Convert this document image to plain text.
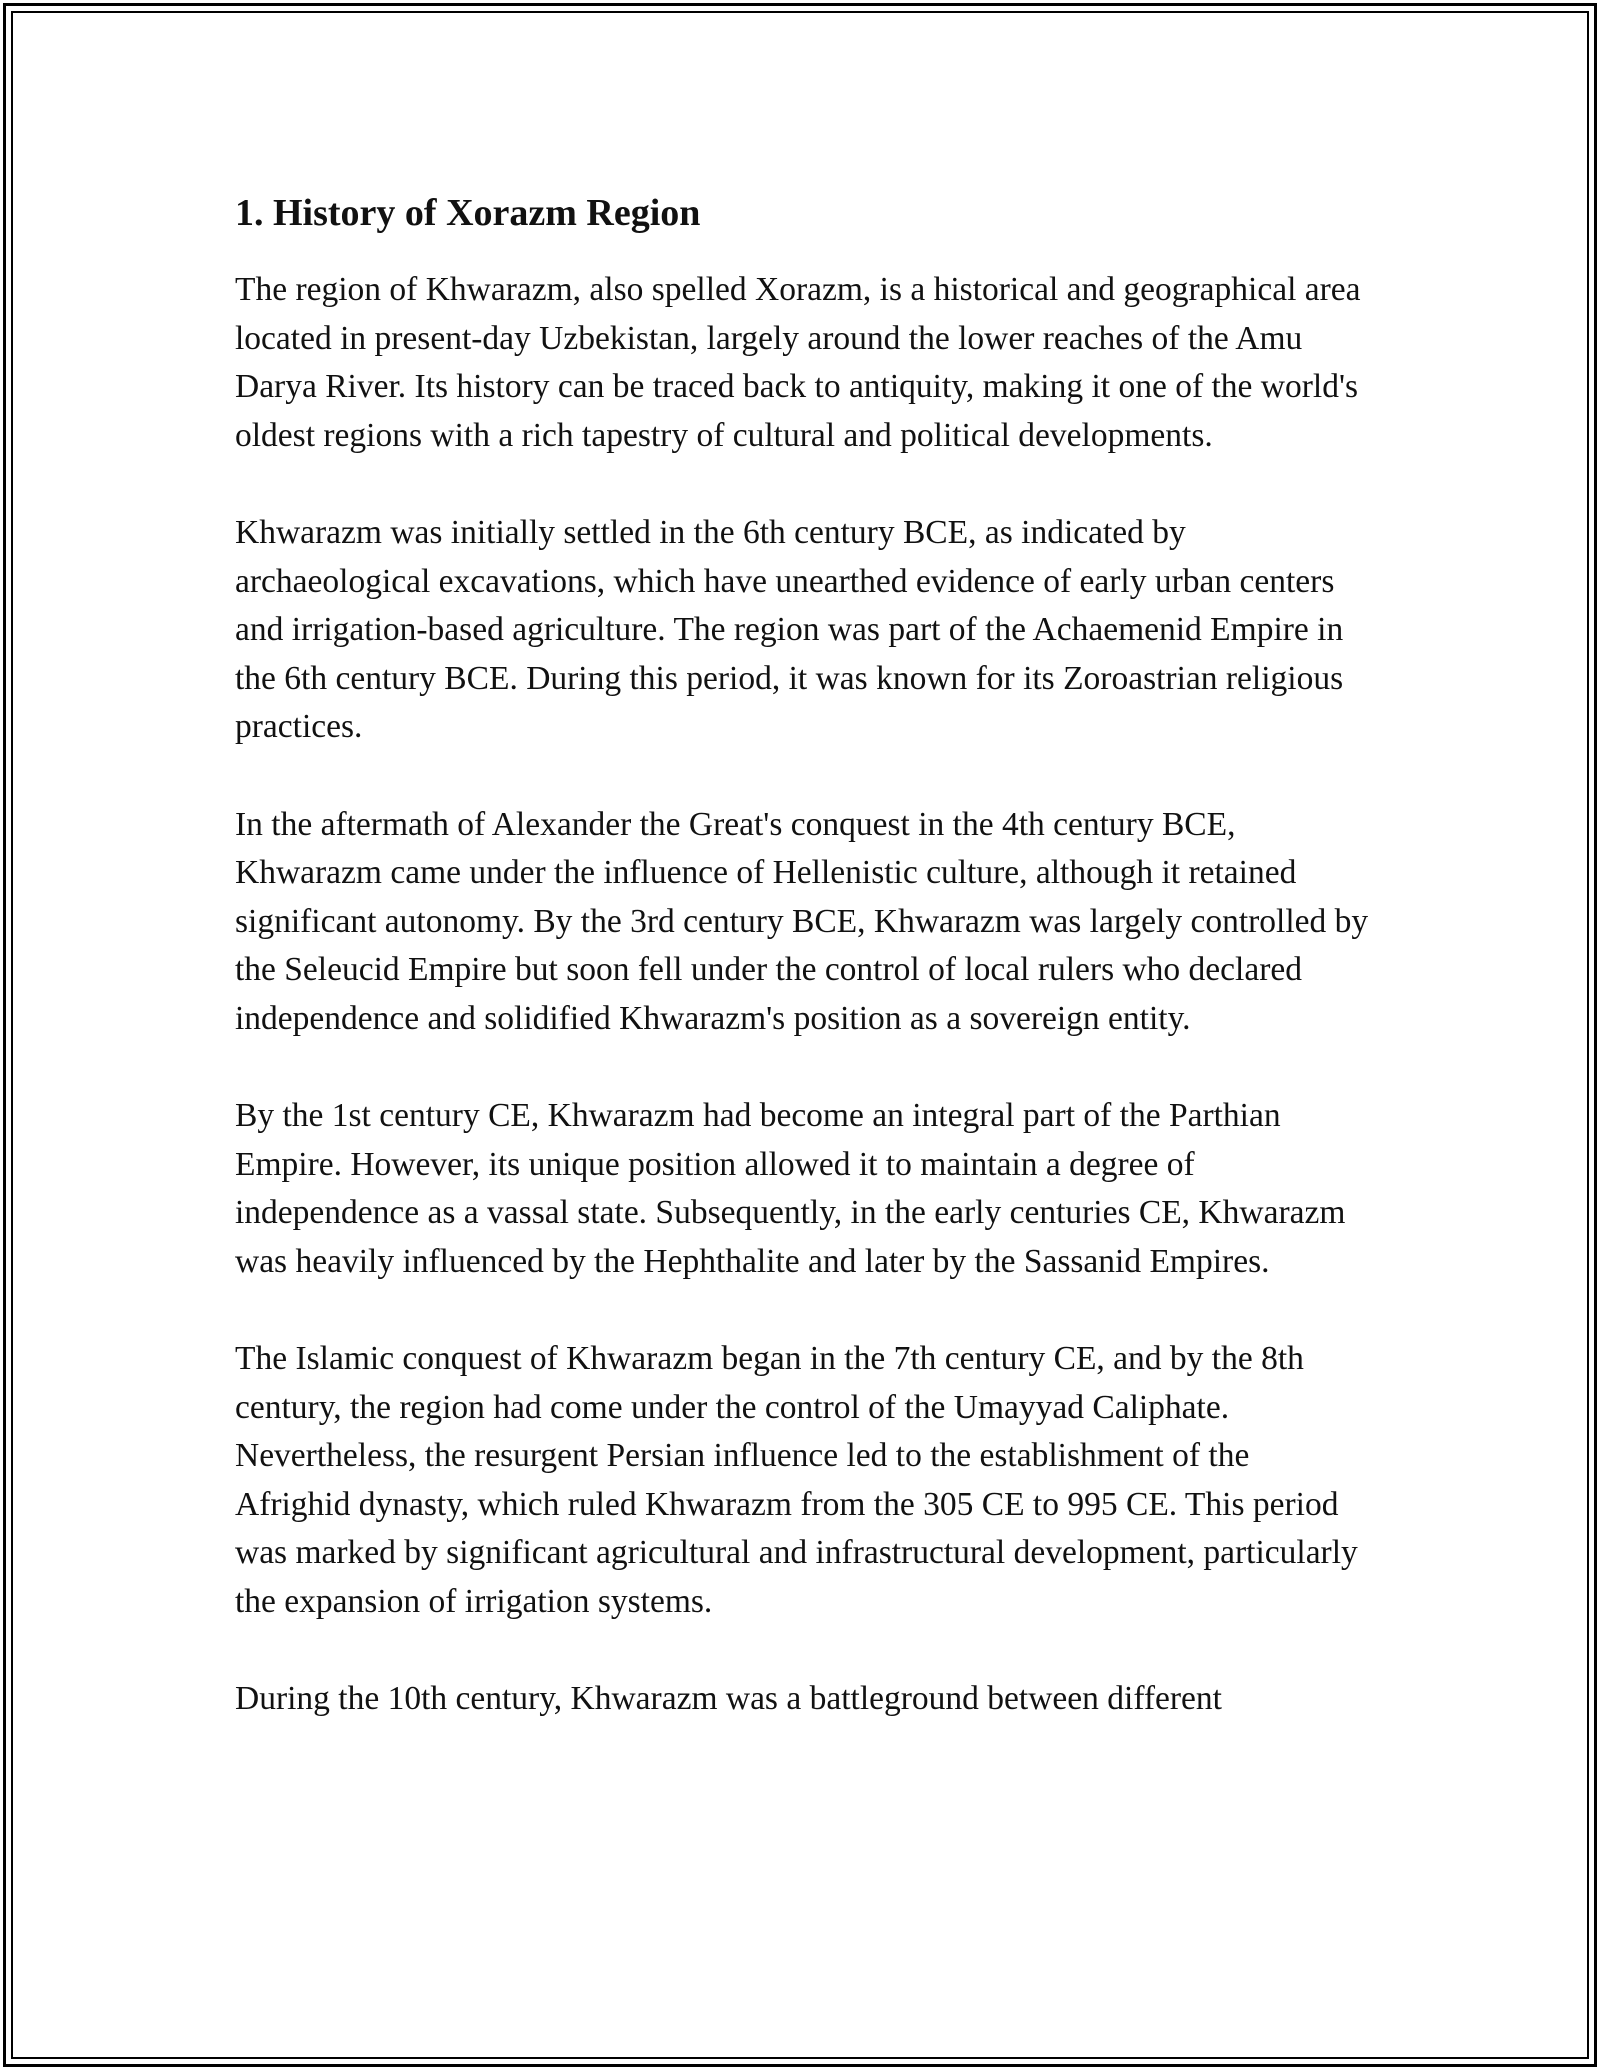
1. History of Xorazm Region

The region of Khwarazm, also spelled Xorazm, is a historical and geographical area located in present-day Uzbekistan, largely around the lower reaches of the Amu Darya River. Its history can be traced back to antiquity, making it one of the world's oldest regions with a rich tapestry of cultural and political developments.

Khwarazm was initially settled in the 6th century BCE, as indicated by archaeological excavations, which have unearthed evidence of early urban centers and irrigation-based agriculture. The region was part of the Achaemenid Empire in the 6th century BCE. During this period, it was known for its Zoroastrian religious practices.

In the aftermath of Alexander the Great's conquest in the 4th century BCE, Khwarazm came under the influence of Hellenistic culture, although it retained significant autonomy. By the 3rd century BCE, Khwarazm was largely controlled by the Seleucid Empire but soon fell under the control of local rulers who declared independence and solidified Khwarazm's position as a sovereign entity.

By the 1st century CE, Khwarazm had become an integral part of the Parthian Empire. However, its unique position allowed it to maintain a degree of independence as a vassal state. Subsequently, in the early centuries CE, Khwarazm was heavily influenced by the Hephthalite and later by the Sassanid Empires.

The Islamic conquest of Khwarazm began in the 7th century CE, and by the 8th century, the region had come under the control of the Umayyad Caliphate. Nevertheless, the resurgent Persian influence led to the establishment of the Afrighid dynasty, which ruled Khwarazm from the 305 CE to 995 CE. This period was marked by significant agricultural and infrastructural development, particularly the expansion of irrigation systems.

During the 10th century, Khwarazm was a battleground between different
